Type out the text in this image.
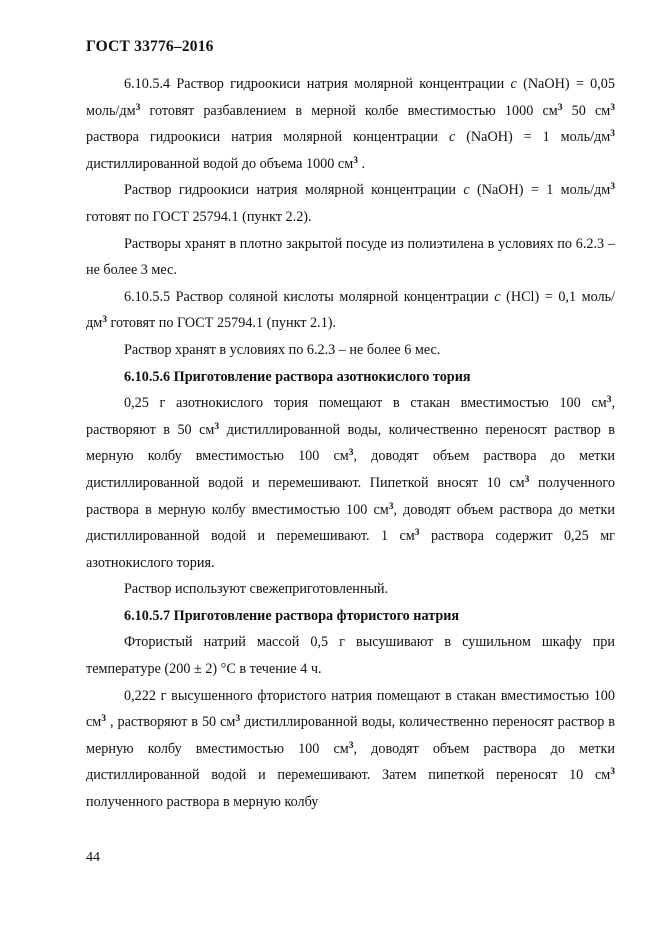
ГОСТ 33776–2016

6.10.5.4 Раствор гидроокиси натрия молярной концентрации c (NaOH) = 0,05 моль/$дм^3$ готовят разбавлением в мерной колбе вместимостью 1000 $см^3$ 50 $см^3$ раствора гидроокиси натрия молярной концентрации c (NaOH) = 1 моль/$дм^3$ дистиллированной водой до объема 1000 $см^3$ .

Раствор гидроокиси натрия молярной концентрации c (NaOH) = 1 моль/$дм^3$ готовят по ГОСТ 25794.1 (пункт 2.2).

Растворы хранят в плотно закрытой посуде из полиэтилена в условиях по 6.2.3 – не более 3 мес.

6.10.5.5 Раствор соляной кислоты молярной концентрации c (HCl) = 0,1 моль/$дм^3$ готовят по ГОСТ 25794.1 (пункт 2.1).

Раствор хранят в условиях по 6.2.3 – не более 6 мес.

6.10.5.6 Приготовление раствора азотнокислого тория

0,25 г азотнокислого тория помещают в стакан вместимостью 100 $см^3$, растворяют в 50 $см^3$ дистиллированной воды, количественно переносят раствор в мерную колбу вместимостью 100 $см^3$, доводят объем раствора до метки дистиллированной водой и перемешивают. Пипеткой вносят 10 $см^3$ полученного раствора в мерную колбу вместимостью 100 $см^3$, доводят объем раствора до метки дистиллированной водой и перемешивают. 1 $см^3$ раствора содержит 0,25 мг азотнокислого тория.

Раствор используют свежеприготовленный.

6.10.5.7 Приготовление раствора фтористого натрия

Фтористый натрий массой 0,5 г высушивают в сушильном шкафу при температуре (200 ± 2) °С в течение 4 ч.

0,222 г высушенного фтористого натрия помещают в стакан вместимостью 100 $см^3$ , растворяют в 50 $см^3$ дистиллированной воды, количественно переносят раствор в мерную колбу вместимостью 100 $см^3$, доводят объем раствора до метки дистиллированной водой и перемешивают. Затем пипеткой переносят 10 $см^3$ полученного раствора в мерную колбу

44
